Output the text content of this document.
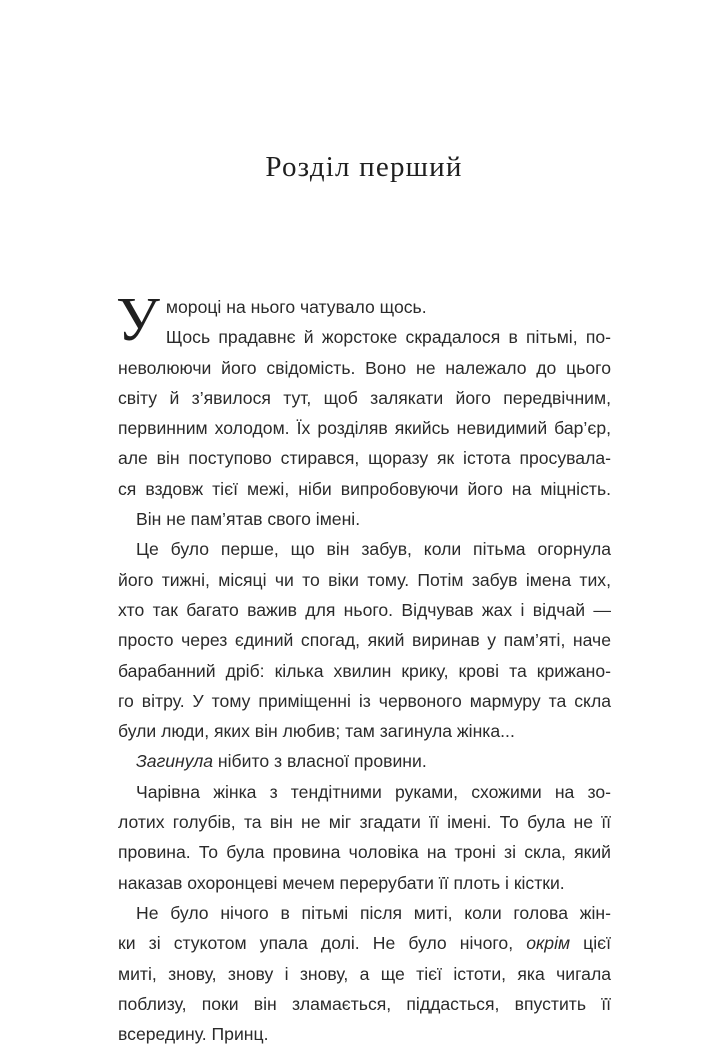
Розділ перший
У мороці на нього чатувало щось.
Щось прадавнє й жорстоке скрадалося в пітьмі, по-
неволюючи його свідомість. Воно не належало до цього
світу й з’явилося тут, щоб залякати його передвічним,
первинним холодом. Їх розділяв якийсь невидимий бар’єр,
але він поступово стирався, щоразу як істота просувала-
ся вздовж тієї межі, ніби випробовуючи його на міцність.
Він не пам’ятав свого імені.
Це було перше, що він забув, коли пітьма огорнула
його тижні, місяці чи то віки тому. Потім забув імена тих,
хто так багато важив для нього. Відчував жах і відчай —
просто через єдиний спогад, який виринав у пам’яті, наче
барабанний дріб: кілька хвилин крику, крові та крижано-
го вітру. У тому приміщенні із червоного мармуру та скла
були люди, яких він любив; там загинула жінка...
Загинула нібито з власної провини.
Чарівна жінка з тендітними руками, схожими на зо-
лотих голубів, та він не міг згадати її імені. То була не її
провина. То була провина чоловіка на троні зі скла, який
наказав охоронцеві мечем перерубати її плоть і кістки.
Не було нічого в пітьмі після миті, коли голова жін-
ки зі стукотом упала долі. Не було нічого, окрім цієї
миті, знову, знову і знову, а ще тієї істоти, яка чигала
поблизу, поки він зламається, піддасться, впустить її
всередину. Принц.
